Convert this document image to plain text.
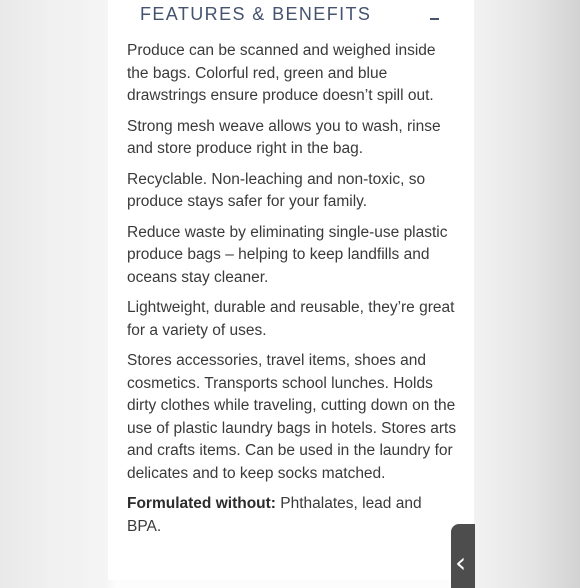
FEATURES & BENEFITS

Produce can be scanned and weighed inside the bags. Colorful red, green and blue drawstrings ensure produce doesn’t spill out.

Strong mesh weave allows you to wash, rinse and store produce right in the bag.

Recyclable. Non-leaching and non-toxic, so produce stays safer for your family.

Reduce waste by eliminating single-use plastic produce bags – helping to keep landfills and oceans stay cleaner.

Lightweight, durable and reusable, they’re great for a variety of uses.

Stores accessories, travel items, shoes and cosmetics. Transports school lunches. Holds dirty clothes while traveling, cutting down on the use of plastic laundry bags in hotels. Stores arts and crafts items. Can be used in the laundry for delicates and to keep socks matched.

Formulated without: Phthalates, lead and BPA.

‹
